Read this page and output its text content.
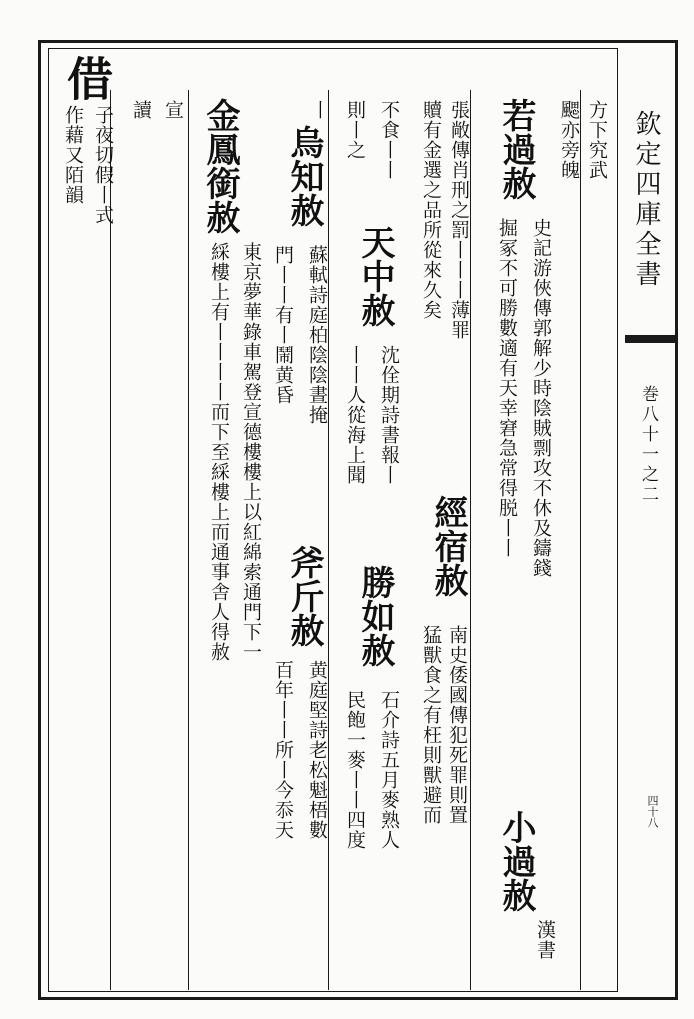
欽定四庫全書
巻八十一之二
四十八
借
方下究武
颸亦旁魄
若過赦
史記游俠傳郭解少時陰賊剽攻不休及鑄錢
掘冢不可勝數適有天幸窘急常得脱丨丨
小過赦
漢書
張敞傳肖刑之罰丨丨丨薄罪
贖有金選之品所從來久矣
經宿赦
南史倭國傳犯死罪則置
猛獸食之有枉則獸避而
不食丨丨
天中赦
沈佺期詩書報丨
勝如赦
石介詩五月麥熟人
則丨之
丨丨人從海上聞
民飽一麥丨丨四度
丨
烏知赦
蘇軾詩庭柏陰陰晝掩
斧斤赦
黄庭堅詩老松魁梧數
門丨丨有丨鬧黄昏
百年丨丨所丨今忝天
金鳳銜赦
東京夢華錄車駕登宣德樓樓上以紅綿索通門下一
綵樓上有丨丨丨丨而下至綵樓上而通事舎人得赦
宣
讀
子夜切假丨式
作藉又陌韻
